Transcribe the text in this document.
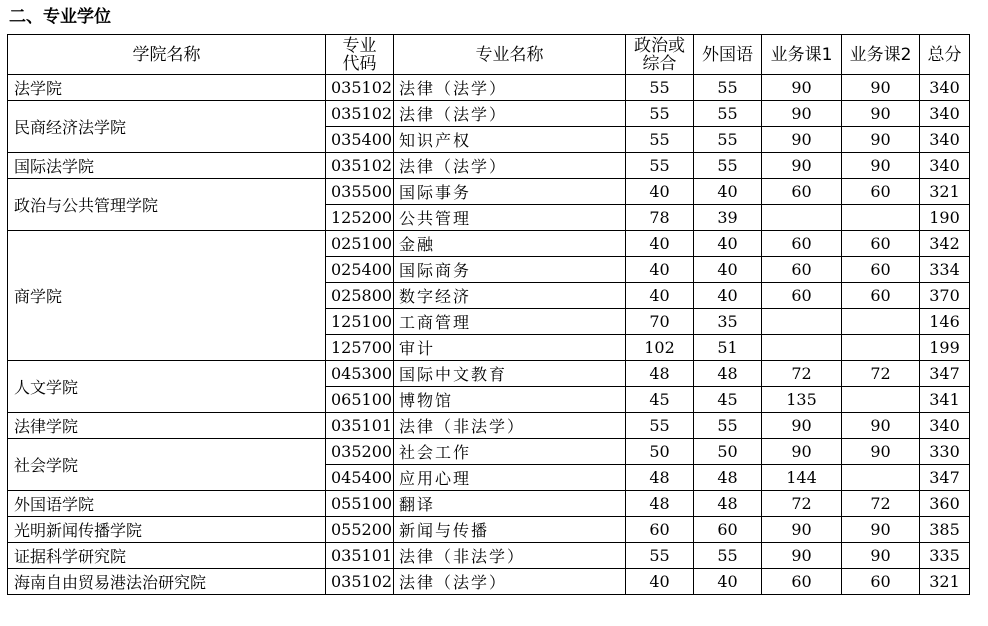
二、专业学位
学院名称	专业代码	专业名称	政治或综合	外国语	业务课1	业务课2	总分
法学院	035102	法律（法学）	55	55	90	90	340
民商经济法学院	035102	法律（法学）	55	55	90	90	340
	035400	知识产权	55	55	90	90	340
国际法学院	035102	法律（法学）	55	55	90	90	340
政治与公共管理学院	035500	国际事务	40	40	60	60	321
	125200	公共管理	78	39			190
商学院	025100	金融	40	40	60	60	342
	025400	国际商务	40	40	60	60	334
	025800	数字经济	40	40	60	60	370
	125100	工商管理	70	35			146
	125700	审计	102	51			199
人文学院	045300	国际中文教育	48	48	72	72	347
	065100	博物馆	45	45	135		341
法律学院	035101	法律（非法学）	55	55	90	90	340
社会学院	035200	社会工作	50	50	90	90	330
	045400	应用心理	48	48	144		347
外国语学院	055100	翻译	48	48	72	72	360
光明新闻传播学院	055200	新闻与传播	60	60	90	90	385
证据科学研究院	035101	法律（非法学）	55	55	90	90	335
海南自由贸易港法治研究院	035102	法律（法学）	40	40	60	60	321
